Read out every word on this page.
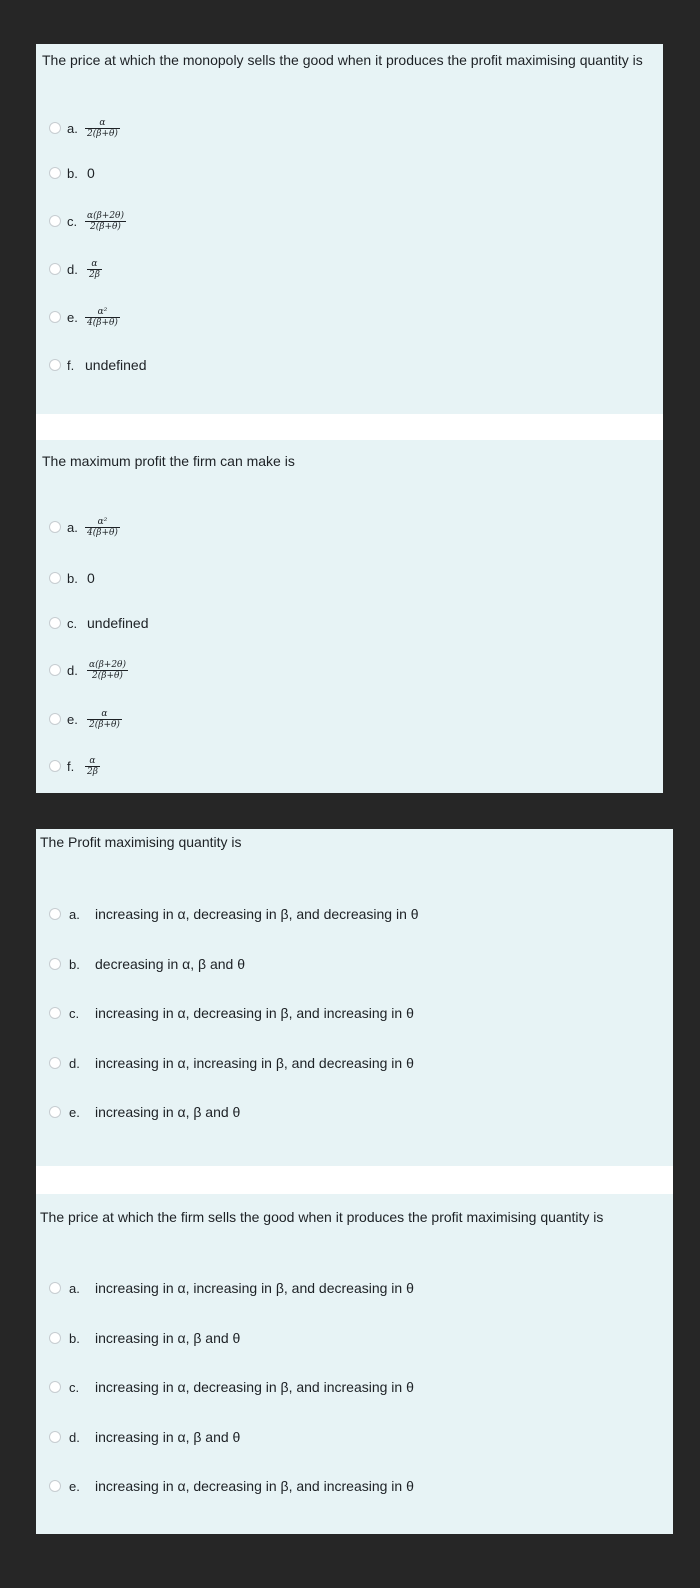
The price at which the monopoly sells the good when it produces the profit maximising quantity is
a. $\frac{\alpha}{2(\beta+\theta)}$
b. 0
c. $\frac{\alpha(\beta+2\theta)}{2(\beta+\theta)}$
d.	$\frac{\alpha}{2\beta}$
e. $\frac{\text{α²}}{4(\beta+\theta)}$
f. undefined
The maximum profit the firm can make is
a. $\frac{\text{α²}}{4(\beta+\theta)}$
b. 0
c. undefined
d.	$\frac{\alpha(\beta+2\theta)}{2(\beta+\theta)}$
e.	$\frac{\alpha}{2(\beta+\theta)}$
f.	$\frac{\alpha}{2\beta}$
The Profit maximising quantity is
a.	increasing in α, decreasing in β, and decreasing in θ
b.	decreasing in α, β and θ
c.	increasing in α, decreasing in β, and increasing in θ
d.	increasing in α, increasing in β, and decreasing in θ
e.	increasing in α, β and θ
The price at which the firm sells the good when it produces the profit maximising quantity is
a.	increasing in α, increasing in β, and decreasing in θ
b.	increasing in α, β and θ
c.	increasing in α, decreasing in β, and increasing in θ
d.	increasing in α, β and θ
e.	increasing in α, decreasing in β, and increasing in θ
